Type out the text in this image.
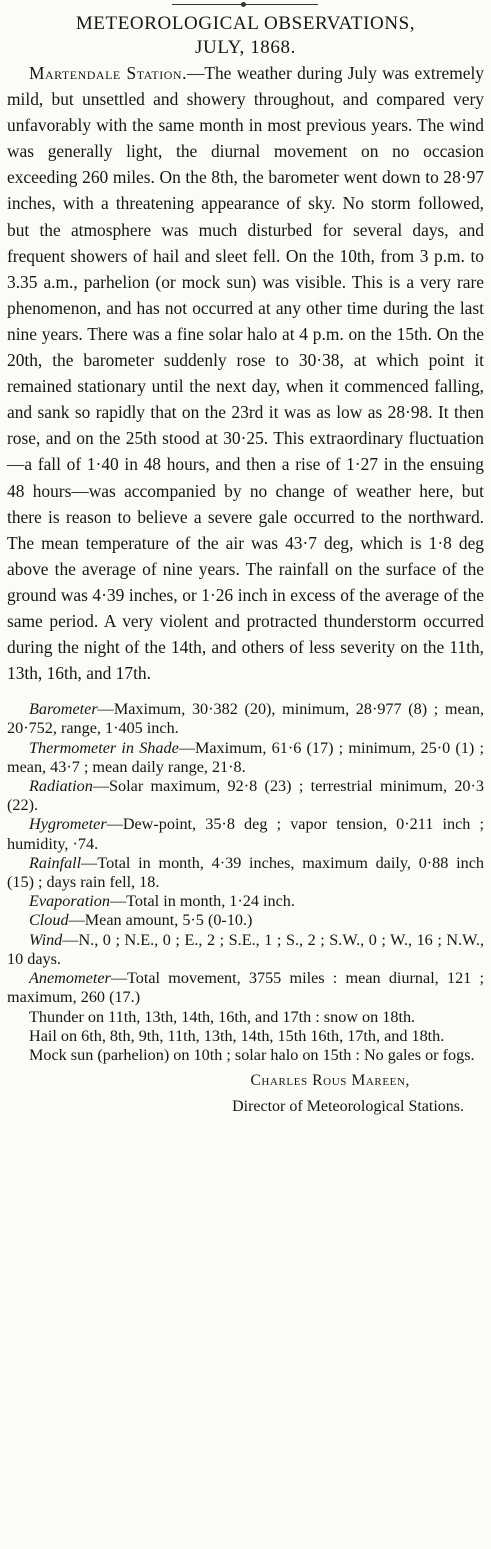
METEOROLOGICAL OBSERVATIONS,
JULY, 1868.

Martendale Station.—The weather during July was extremely mild, but unsettled and showery throughout, and compared very unfavorably with the same month in most previous years. The wind was generally light, the diurnal movement on no occasion exceeding 260 miles. On the 8th, the barometer went down to 28·97 inches, with a threatening appearance of sky. No storm followed, but the atmosphere was much disturbed for several days, and frequent showers of hail and sleet fell. On the 10th, from 3 p.m. to 3.35 a.m., parhelion (or mock sun) was visible. This is a very rare phenomenon, and has not occurred at any other time during the last nine years. There was a fine solar halo at 4 p.m. on the 15th. On the 20th, the barometer suddenly rose to 30·38, at which point it remained stationary until the next day, when it commenced falling, and sank so rapidly that on the 23rd it was as low as 28·98. It then rose, and on the 25th stood at 30·25. This extraordinary fluctuation—a fall of 1·40 in 48 hours, and then a rise of 1·27 in the ensuing 48 hours—was accompanied by no change of weather here, but there is reason to believe a severe gale occurred to the northward. The mean temperature of the air was 43·7 deg, which is 1·8 deg above the average of nine years. The rainfall on the surface of the ground was 4·39 inches, or 1·26 inch in excess of the average of the same period. A very violent and protracted thunderstorm occurred during the night of the 14th, and others of less severity on the 11th, 13th, 16th, and 17th.

Barometer—Maximum, 30·382 (20), minimum, 28·977 (8) ; mean, 20·752, range, 1·405 inch.

Thermometer in Shade—Maximum, 61·6 (17) ; minimum, 25·0 (1) ; mean, 43·7 ; mean daily range, 21·8.

Radiation—Solar maximum, 92·8 (23) ; terrestrial minimum, 20·3 (22).

Hygrometer—Dew-point, 35·8 deg ; vapor tension, 0·211 inch ; humidity, ·74.

Rainfall—Total in month, 4·39 inches, maximum daily, 0·88 inch (15) ; days rain fell, 18.

Evaporation—Total in month, 1·24 inch.

Cloud—Mean amount, 5·5 (0-10.)

Wind—N., 0 ; N.E., 0 ; E., 2 ; S.E., 1 ; S., 2 ; S.W., 0 ; W., 16 ; N.W., 10 days.

Anemometer—Total movement, 3755 miles : mean diurnal, 121 ; maximum, 260 (17.)

Thunder on 11th, 13th, 14th, 16th, and 17th : snow on 18th.

Hail on 6th, 8th, 9th, 11th, 13th, 14th, 15th 16th, 17th, and 18th.

Mock sun (parhelion) on 10th ; solar halo on 15th : No gales or fogs.

Charles Rous Mareen,
Director of Meteorological Stations.
